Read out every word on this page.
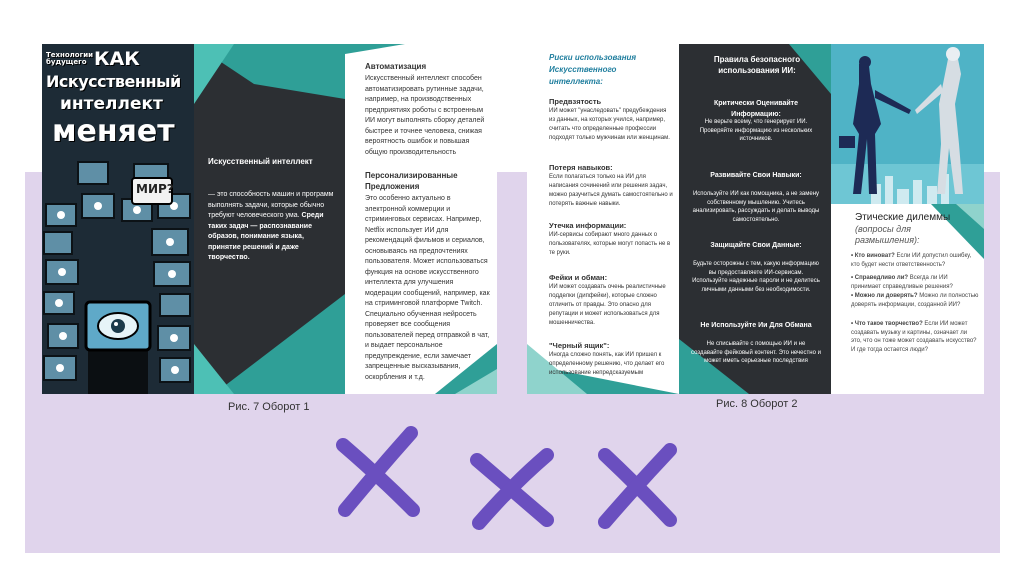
Технологии будущего КАК
Искусственный
интеллект
меняет
МИР?
Искусственный интеллект
— это способность машин и программ выполнять задачи, которые обычно требуют человеческого ума. Среди таких задач — распознавание образов, понимание языка, принятие решений и даже творчество.
Автоматизация
Искусственный интеллект способен автоматизировать рутинные задачи, например, на производственных предприятиях роботы с встроенным ИИ могут выполнять сборку деталей быстрее и точнее человека, снижая вероятность ошибок и повышая общую производительность
Персонализированные Предложения
Это особенно актуально в электронной коммерции и стриминговых сервисах. Например, Netflix использует ИИ для рекомендаций фильмов и сериалов, основываясь на предпочтениях пользователя. Может использоваться функция на основе искусственного интеллекта для улучшения модерации сообщений, например, как на стриминговой платформе Twitch. Специально обученная нейросеть проверяет все сообщения пользователей перед отправкой в чат, и выдает персональное предупреждение, если замечает запрещенные высказывания, оскорбления и т.д.
Рис. 7 Оборот 1
Риски использования Искусственного интеллекта:
Предвзятость
ИИ может "унаследовать" предубеждения из данных, на которых учился, например, считать что определенные профессии подходят только мужчинам или женщинам.
Потеря навыков:
Если полагаться только на ИИ для написания сочинений или решения задач, можно разучиться думать самостоятельно и потерять важные навыки.
Утечка информации:
ИИ-сервисы собирают много данных о пользователях, которые могут попасть не в те руки.
Фейки и обман:
ИИ может создавать очень реалистичные подделки (дипфейки), которые сложно отличить от правды. Это опасно для репутации и может использоваться для мошенничества.
"Черный ящик":
Иногда сложно понять, как ИИ пришел к определенному решению, что делает его использование непредсказуемым
Правила безопасного использования ИИ:
Критически Оценивайте Информацию:
Не верьте всему, что генерирует ИИ. Проверяйте информацию из нескольких источников.
Развивайте Свои Навыки:
Используйте ИИ как помощника, а не замену собственному мышлению. Учитесь анализировать, рассуждать и делать выводы самостоятельно.
Защищайте Свои Данные:
Будьте осторожны с тем, какую информацию вы предоставляете ИИ-сервисам. Используйте надежные пароли и не делитесь личными данными без необходимости.
Не Используйте Ии Для Обмана
Не списывайте с помощью ИИ и не создавайте фейковый контент. Это нечестно и может иметь серьезные последствия
Этические дилеммы
(вопросы для размышления):
• Кто виноват? Если ИИ допустил ошибку, кто будет нести ответственность?
• Справедливо ли? Всегда ли ИИ принимает справедливые решения?
• Можно ли доверять? Можно ли полностью доверять информации, созданной ИИ?
• Что такое творчество? Если ИИ может создавать музыку и картины, означает ли это, что он тоже может создавать искусство? И где тогда остается люди?
Рис. 8 Оборот 2
